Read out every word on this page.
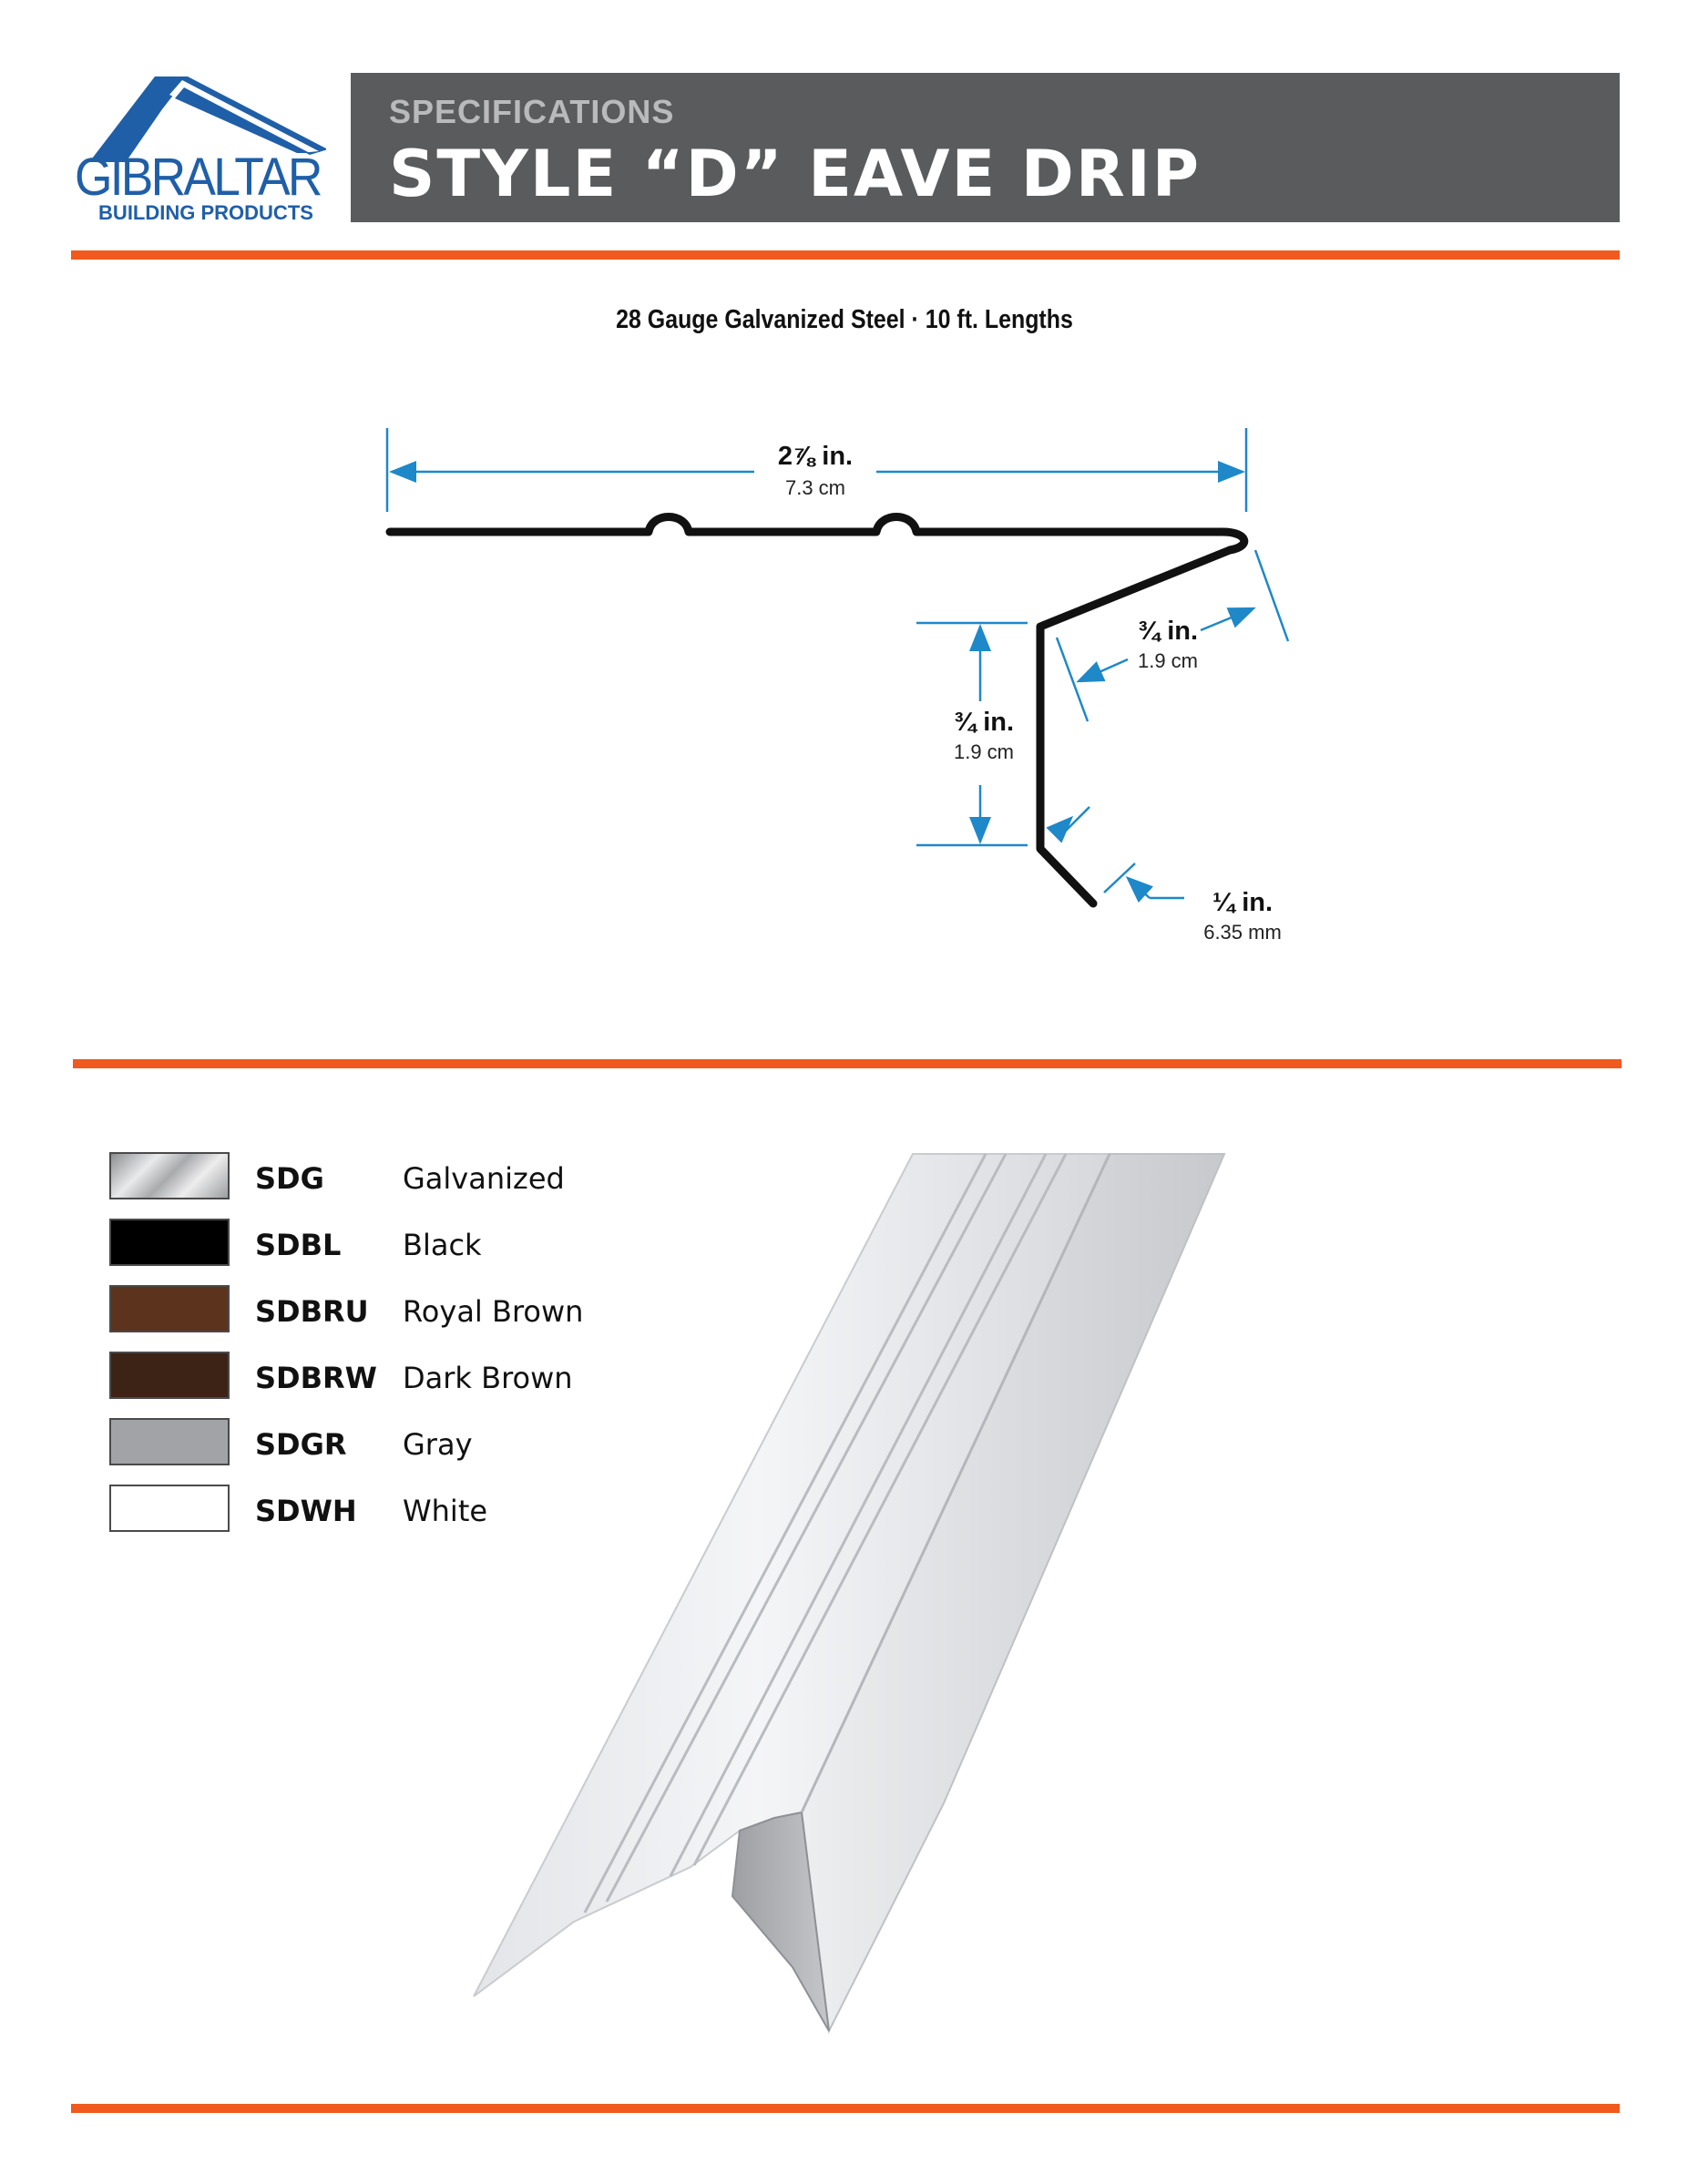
GIBRALTAR
BUILDING PRODUCTS
SPECIFICATIONS
STYLE “D” EAVE DRIP
28 Gauge Galvanized Steel · 10 ft. Lengths
2⅞ in.
7.3 cm
¾ in.
1.9 cm
¾ in.
1.9 cm
¼ in.
6.35 mm
SDG	Galvanized
SDBL Black
SDBRU Royal Brown
SDBRW Dark Brown
SDGR Gray
SDWH White
